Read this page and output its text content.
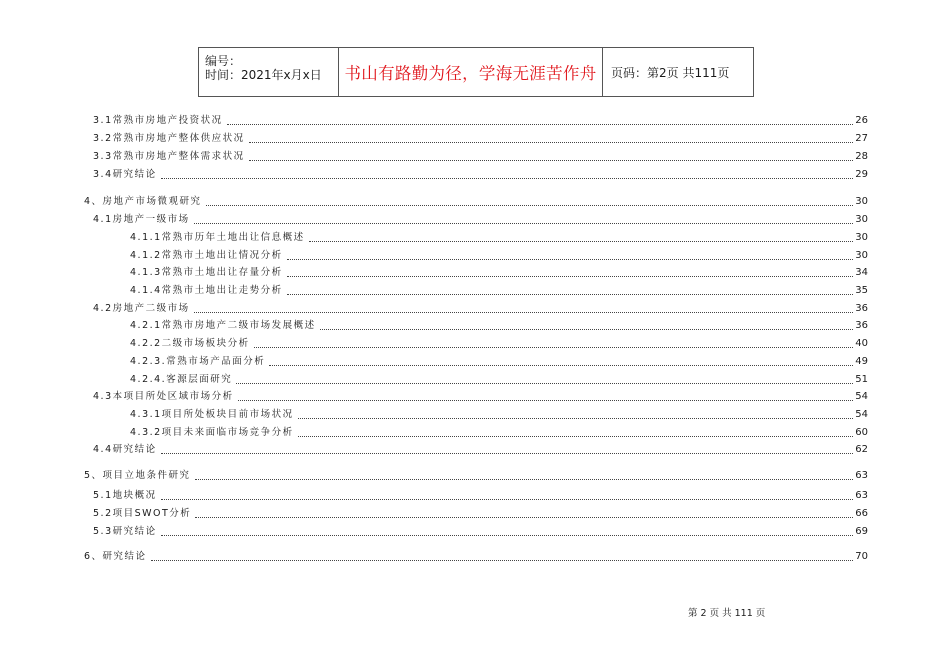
编号：
时间：2021年x月x日 书山有路勤为径，学海无涯苦作舟 页码：第2页 共111页
3.1常熟市房地产投资状况	26
3.2常熟市房地产整体供应状况	27
3.3常熟市房地产整体需求状况	28
3.4研究结论	29
4、房地产市场微观研究	30
4.1房地产一级市场	30
4.1.1常熟市历年土地出让信息概述	30
4.1.2常熟市土地出让情况分析	30
4.1.3常熟市土地出让存量分析	34
4.1.4常熟市土地出让走势分析	35
4.2房地产二级市场	36
4.2.1常熟市房地产二级市场发展概述	36
4.2.2二级市场板块分析	40
4.2.3.常熟市场产品面分析	49
4.2.4.客源层面研究	51
4.3本项目所处区域市场分析	54
4.3.1项目所处板块目前市场状况	54
4.3.2项目未来面临市场竞争分析	60
4.4研究结论	62
5、项目立地条件研究	63
5.1地块概况	63
5.2项目SWOT分析	66
5.3研究结论	69
6、研究结论	70
第 2 页 共 111 页
